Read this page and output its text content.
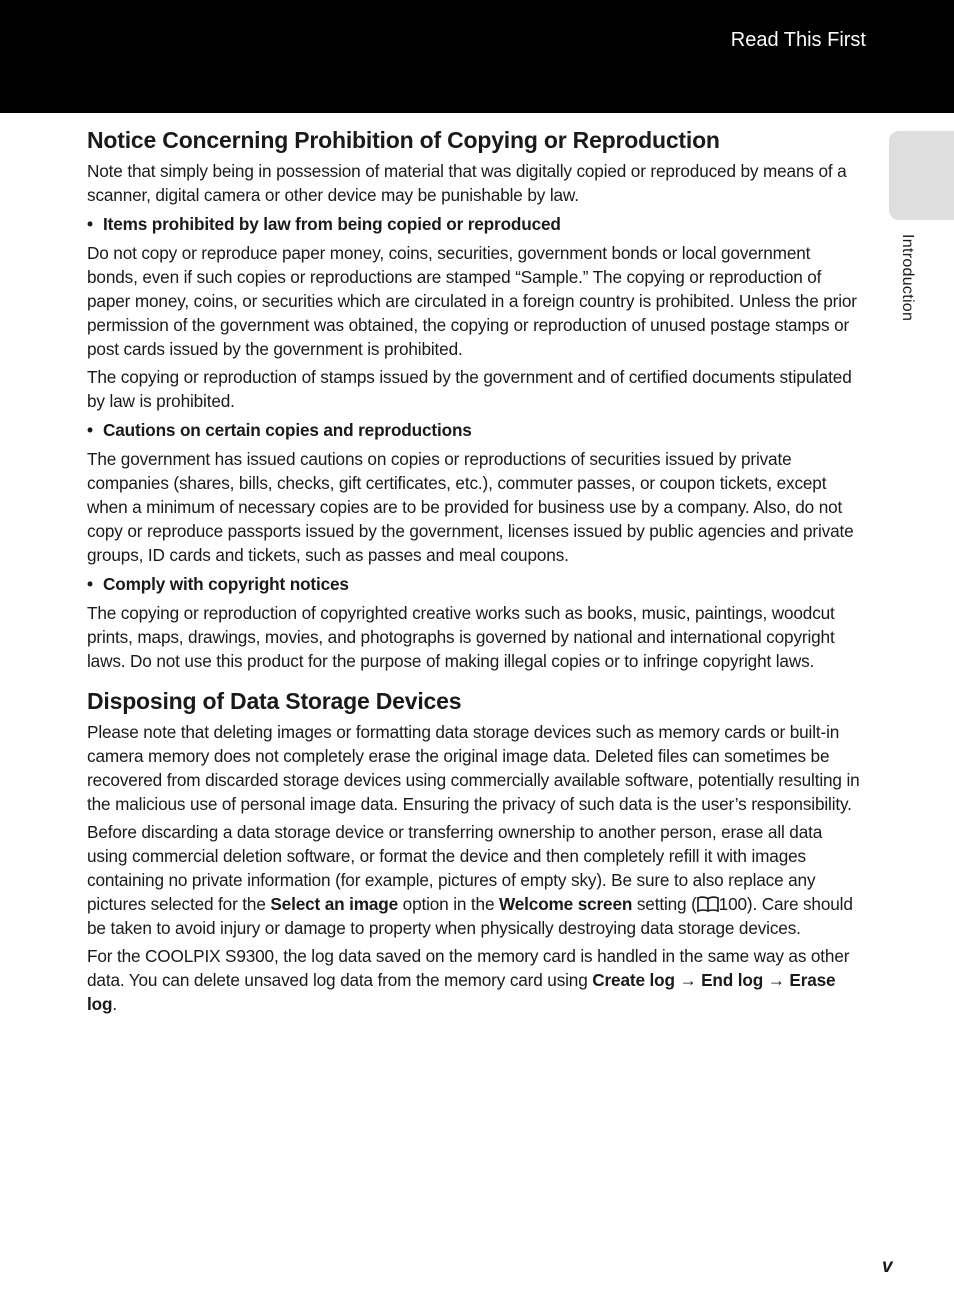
Read This First
Introduction
Notice Concerning Prohibition of Copying or Reproduction

Note that simply being in possession of material that was digitally copied or reproduced by means of a scanner, digital camera or other device may be punishable by law.

• Items prohibited by law from being copied or reproduced

Do not copy or reproduce paper money, coins, securities, government bonds or local government bonds, even if such copies or reproductions are stamped “Sample.” The copying or reproduction of paper money, coins, or securities which are circulated in a foreign country is prohibited. Unless the prior permission of the government was obtained, the copying or reproduction of unused postage stamps or post cards issued by the government is prohibited.

The copying or reproduction of stamps issued by the government and of certified documents stipulated by law is prohibited.

• Cautions on certain copies and reproductions

The government has issued cautions on copies or reproductions of securities issued by private companies (shares, bills, checks, gift certificates, etc.), commuter passes, or coupon tickets, except when a minimum of necessary copies are to be provided for business use by a company. Also, do not copy or reproduce passports issued by the government, licenses issued by public agencies and private groups, ID cards and tickets, such as passes and meal coupons.

• Comply with copyright notices

The copying or reproduction of copyrighted creative works such as books, music, paintings, woodcut prints, maps, drawings, movies, and photographs is governed by national and international copyright laws. Do not use this product for the purpose of making illegal copies or to infringe copyright laws.

Disposing of Data Storage Devices

Please note that deleting images or formatting data storage devices such as memory cards or built-in camera memory does not completely erase the original image data. Deleted files can sometimes be recovered from discarded storage devices using commercially available software, potentially resulting in the malicious use of personal image data. Ensuring the privacy of such data is the user’s responsibility.

Before discarding a data storage device or transferring ownership to another person, erase all data using commercial deletion software, or format the device and then completely refill it with images containing no private information (for example, pictures of empty sky). Be sure to also replace any pictures selected for the Select an image option in the Welcome screen setting ( 100). Care should be taken to avoid injury or damage to property when physically destroying data storage devices.

For the COOLPIX S9300, the log data saved on the memory card is handled in the same way as other data. You can delete unsaved log data from the memory card using Create log → End log → Erase log.

v
